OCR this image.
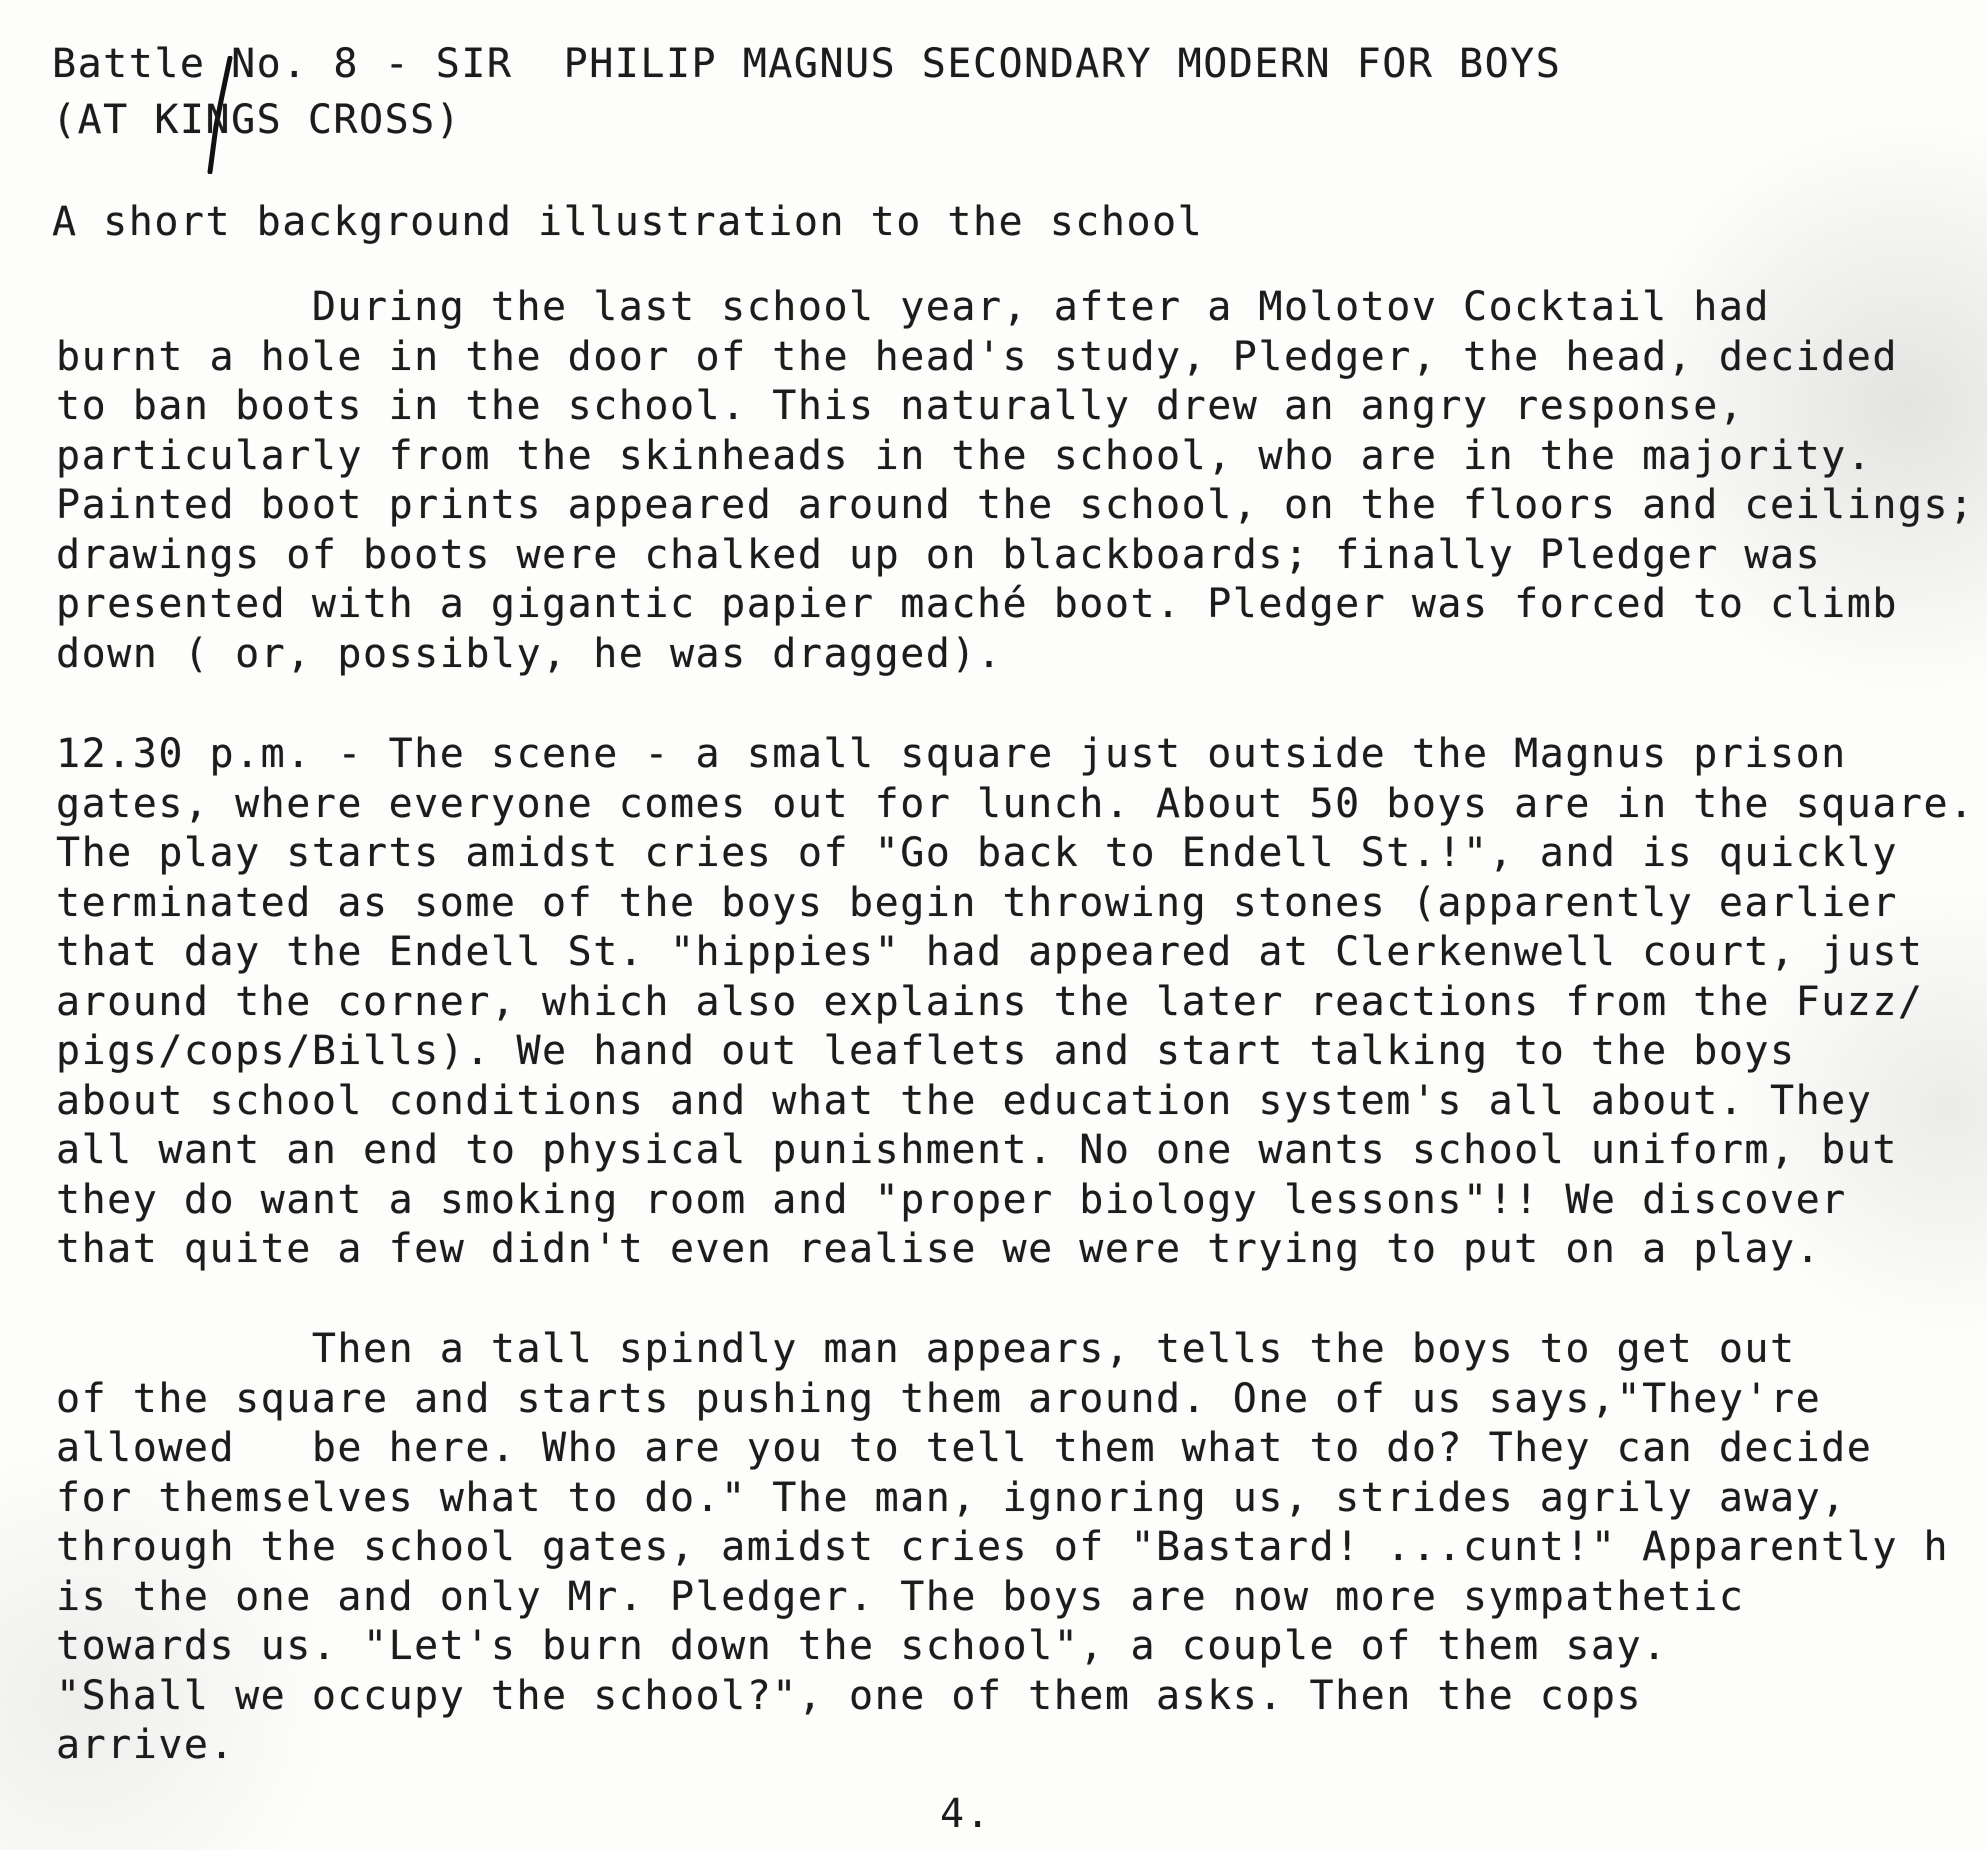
Battle No. 8 - SIR  PHILIP MAGNUS SECONDARY MODERN FOR BOYS

(AT KINGS CROSS)

A short background illustration to the school

During the last school year, after a Molotov Cocktail had
burnt a hole in the door of the head's study, Pledger, the head, decided
to ban boots in the school. This naturally drew an angry response,
particularly from the skinheads in the school, who are in the majority.
Painted boot prints appeared around the school, on the floors and ceilings;
drawings of boots were chalked up on blackboards; finally Pledger was
presented with a gigantic papier maché boot. Pledger was forced to climb
down ( or, possibly, he was dragged).
12.30 p.m. - The scene - a small square just outside the Magnus prison
gates, where everyone comes out for lunch. About 50 boys are in the square.
The play starts amidst cries of "Go back to Endell St.!", and is quickly
terminated as some of the boys begin throwing stones (apparently earlier
that day the Endell St. "hippies" had appeared at Clerkenwell court, just
around the corner, which also explains the later reactions from the Fuzz/
pigs/cops/Bills). We hand out leaflets and start talking to the boys
about school conditions and what the education system's all about. They
all want an end to physical punishment. No one wants school uniform, but
they do want a smoking room and "proper biology lessons"!! We discover
that quite a few didn't even realise we were trying to put on a play.
Then a tall spindly man appears, tells the boys to get out
of the square and starts pushing them around. One of us says,"They're
allowed   be here. Who are you to tell them what to do? They can decide
for themselves what to do." The man, ignoring us, strides agrily away,
through the school gates, amidst cries of "Bastard! ...cunt!" Apparently h
is the one and only Mr. Pledger. The boys are now more sympathetic
towards us. "Let's burn down the school", a couple of them say.
"Shall we occupy the school?", one of them asks. Then the cops
arrive.

4.
